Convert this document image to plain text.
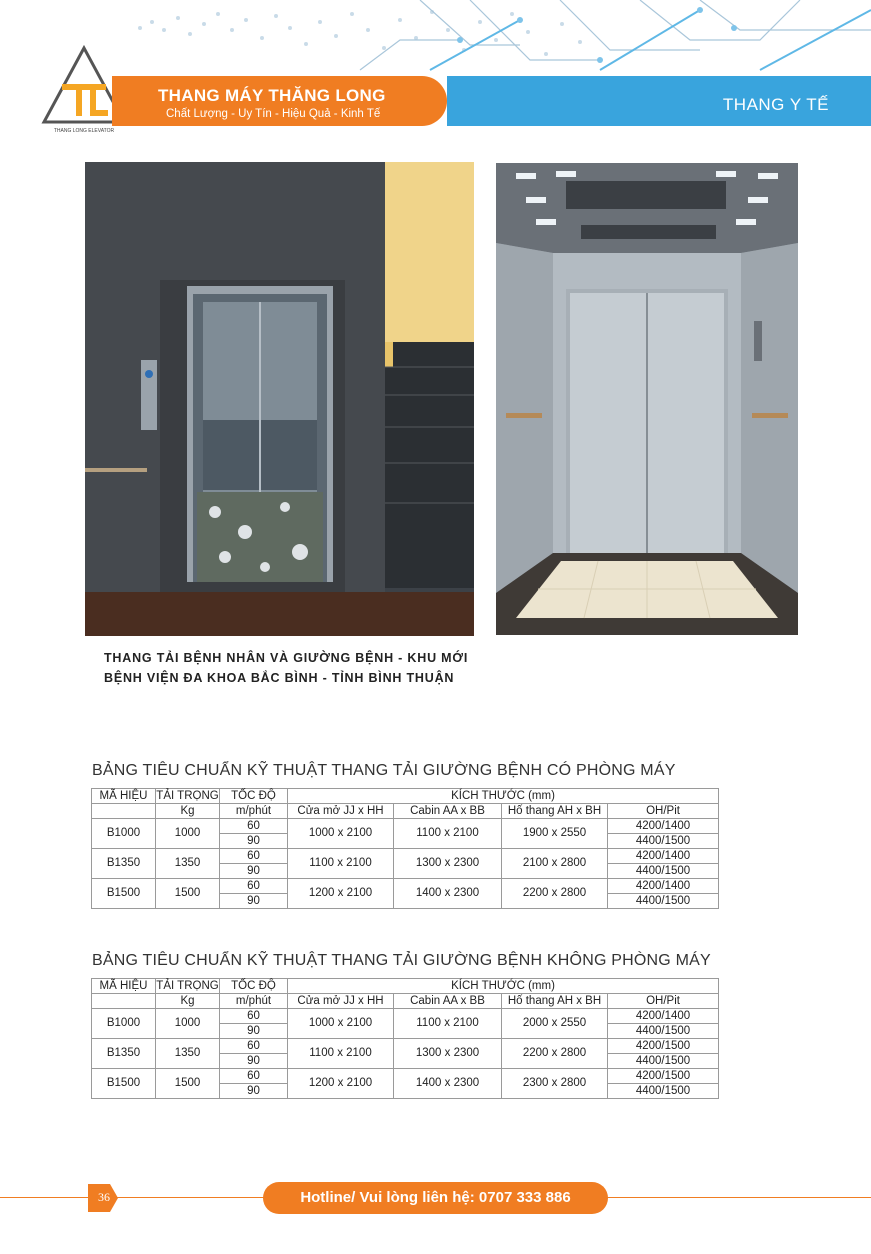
THANG LONG ELEVATOR
THANG MÁY THĂNG LONG
Chất Lượng - Uy Tín - Hiệu Quả - Kinh Tế	THANG Y TẾ
THANG TẢI BỆNH NHÂN VÀ GIƯỜNG BỆNH - KHU MỚI
BỆNH VIỆN ĐA KHOA BẮC BÌNH - TỈNH BÌNH THUẬN
BẢNG TIÊU CHUẨN KỸ THUẬT THANG TẢI GIƯỜNG BỆNH CÓ PHÒNG MÁY
MÃ HIỆU	TẢI TRỌNG	TỐC ĐỘ	KÍCH THƯỚC (mm)			
	Kg	m/phút	Cửa mở JJ x HH	Cabin AA x BB	Hố thang AH x BH	OH/Pit
B1000	1000	60	1000 x 2100	1100 x 2100	1900 x 2550	4200/1400
		90				4400/1500
B1350	1350	60	1100 x 2100	1300 x 2300	2100 x 2800	4200/1400
		90				4400/1500
B1500	1500	60	1200 x 2100	1400 x 2300	2200 x 2800	4200/1400
		90				4400/1500
BẢNG TIÊU CHUẨN KỸ THUẬT THANG TẢI GIƯỜNG BỆNH KHÔNG PHÒNG MÁY
MÃ HIỆU	TẢI TRỌNG	TỐC ĐỘ	KÍCH THƯỚC (mm)			
	Kg	m/phút	Cửa mở JJ x HH	Cabin AA x BB	Hố thang AH x BH	OH/Pit
B1000	1000	60	1000 x 2100	1100 x 2100	2000 x 2550	4200/1400
		90				4400/1500
B1350	1350	60	1100 x 2100	1300 x 2300	2200 x 2800	4200/1500
		90				4400/1500
B1500	1500	60	1200 x 2100	1400 x 2300	2300 x 2800	4200/1500
		90				4400/1500
36	Hotline/ Vui lòng liên hệ: 0707 333 886
